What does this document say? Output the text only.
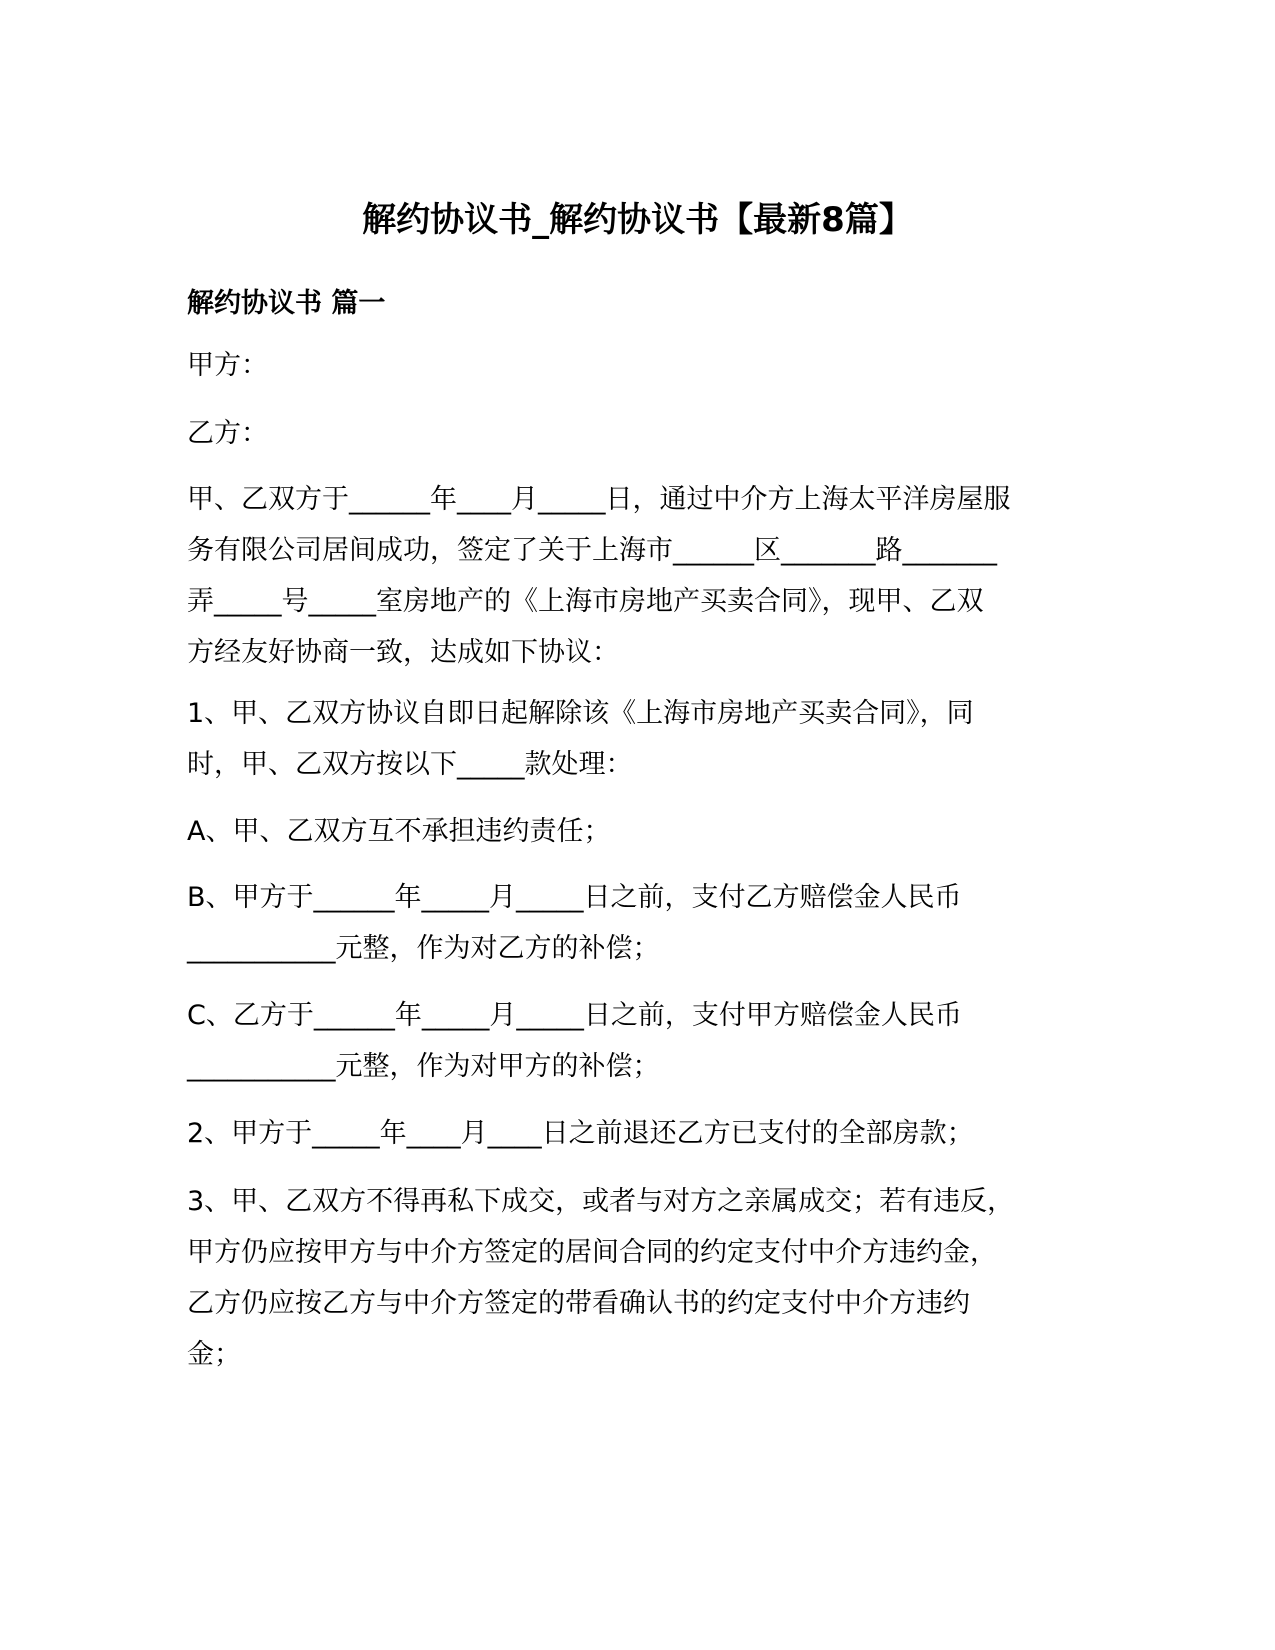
解约协议书_解约协议书【最新8篇】
解约协议书 篇一

甲方：

乙方：

甲、乙双方于______年____月_____日，通过中介方上海太平洋房屋服
务有限公司居间成功，签定了关于上海市______区_______路_______
弄_____号_____室房地产的《上海市房地产买卖合同》，现甲、乙双
方经友好协商一致，达成如下协议：

1、甲、乙双方协议自即日起解除该《上海市房地产买卖合同》，同
时，甲、乙双方按以下_____款处理：

A、甲、乙双方互不承担违约责任；

B、甲方于______年_____月_____日之前，支付乙方赔偿金人民币
___________元整，作为对乙方的补偿；

C、乙方于______年_____月_____日之前，支付甲方赔偿金人民币
___________元整，作为对甲方的补偿；

2、甲方于_____年____月____日之前退还乙方已支付的全部房款；

3、甲、乙双方不得再私下成交，或者与对方之亲属成交；若有违反，
甲方仍应按甲方与中介方签定的居间合同的约定支付中介方违约金，
乙方仍应按乙方与中介方签定的带看确认书的约定支付中介方违约
金；
